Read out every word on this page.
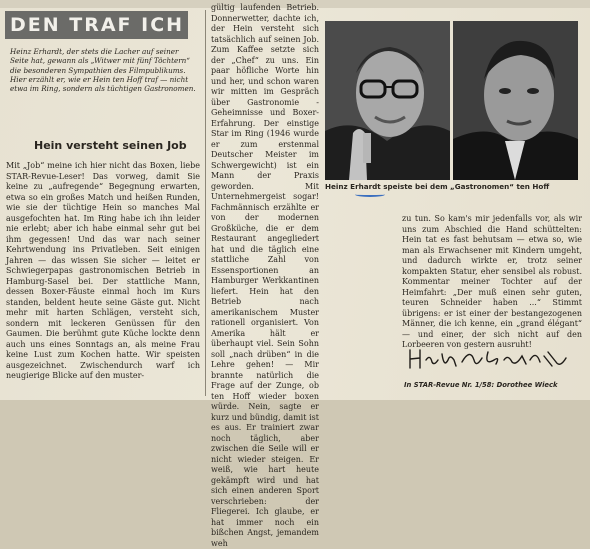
DEN TRAF ICH
Heinz Erhardt, der stets die Lacher auf seiner Seite hat, gewann als „Witwer mit fünf Töchtern“ die besonderen Sympathien des Filmpublikums. Hier erzählt er, wie er Hein ten Hoff traf — nicht etwa im Ring, sondern als tüchtigen Gastronomen.
Hein versteht seinen Job

Mit „Job“ meine ich hier nicht das Boxen, liebe STAR-Revue-Leser! Das vorweg, damit Sie keine zu „aufregende“ Begegnung erwarten, etwa so ein großes Match und heißen Runden, wie sie der tüchtige Hein so manches Mal ausgefochten hat. Im Ring habe ich ihn leider nie erlebt; aber ich habe einmal sehr gut bei ihm gegessen! Und das war nach seiner Kehrtwendung ins Privatleben. Seit einigen Jahren — das wissen Sie sicher — leitet er Schwiegerpapas gastronomischen Betrieb in Hamburg-Sasel bei. Der stattliche Mann, dessen Boxer-Fäuste einmal hoch im Kurs standen, beldent heute seine Gäste gut. Nicht mehr mit harten Schlägen, versteht sich, sondern mit leckeren Genüssen für den Gaumen. Die berühmt gute Küche lockte denn auch uns eines Sonntags an, als meine Frau keine Lust zum Kochen hatte. Wir speisten ausgezeichnet. Zwischendurch warf ich neugierige Blicke auf den muster-

gültig laufenden Betrieb. Donnerwetter, dachte ich, der Hein versteht sich tatsächlich auf seinen Job. Zum Kaffee setzte sich der „Chef“ zu uns. Ein paar höfliche Worte hin und her, und schon waren wir mitten im Gespräch über Gastronomie - Geheimnisse und Boxer-Erfahrung. Der einstige Star im Ring (1946 wurde er zum erstenmal Deutscher Meister im Schwergewicht) ist ein Mann der Praxis geworden. Mit Unternehmergeist sogar! Fachmännisch erzählte er von der modernen Großküche, die er dem Restaurant angegliedert hat und die täglich eine stattliche Zahl von Essensportionen an Hamburger Werkkantinen liefert. Hein hat den Betrieb nach amerikanischem Muster rationell organisiert. Von Amerika hält er überhaupt viel. Sein Sohn soll „nach drüben“ in die Lehre gehen! — Mir brannte natürlich die Frage auf der Zunge, ob ten Hoff wieder boxen würde. Nein, sagte er kurz und bündig, damit ist es aus. Er trainiert zwar noch täglich, aber zwischen die Seile will er nicht wieder steigen. Er weiß, wie hart heute gekämpft wird und hat sich einen anderen Sport verschrieben: der Fliegerei. Ich glaube, er hat immer noch ein bißchen Angst, jemandem weh

Heinz Erhardt speiste bei dem „Gastronomen“ ten Hoff

zu tun. So kam's mir jedenfalls vor, als wir uns zum Abschied die Hand schüttelten: Hein tat es fast behutsam — etwa so, wie man als Erwachsener mit Kindern umgeht, und dadurch wirkte er, trotz seiner kompakten Statur, eher sensibel als robust. Kommentar meiner Tochter auf der Heimfahrt: „Der muß einen sehr guten, teuren Schneider haben ...“ Stimmt übrigens: er ist einer der bestangezogenen Männer, die ich kenne, ein „grand élégant“ — und einer, der sich nicht auf den Lorbeeren von gestern ausruht!

In STAR-Revue Nr. 1/58: Dorothee Wieck
